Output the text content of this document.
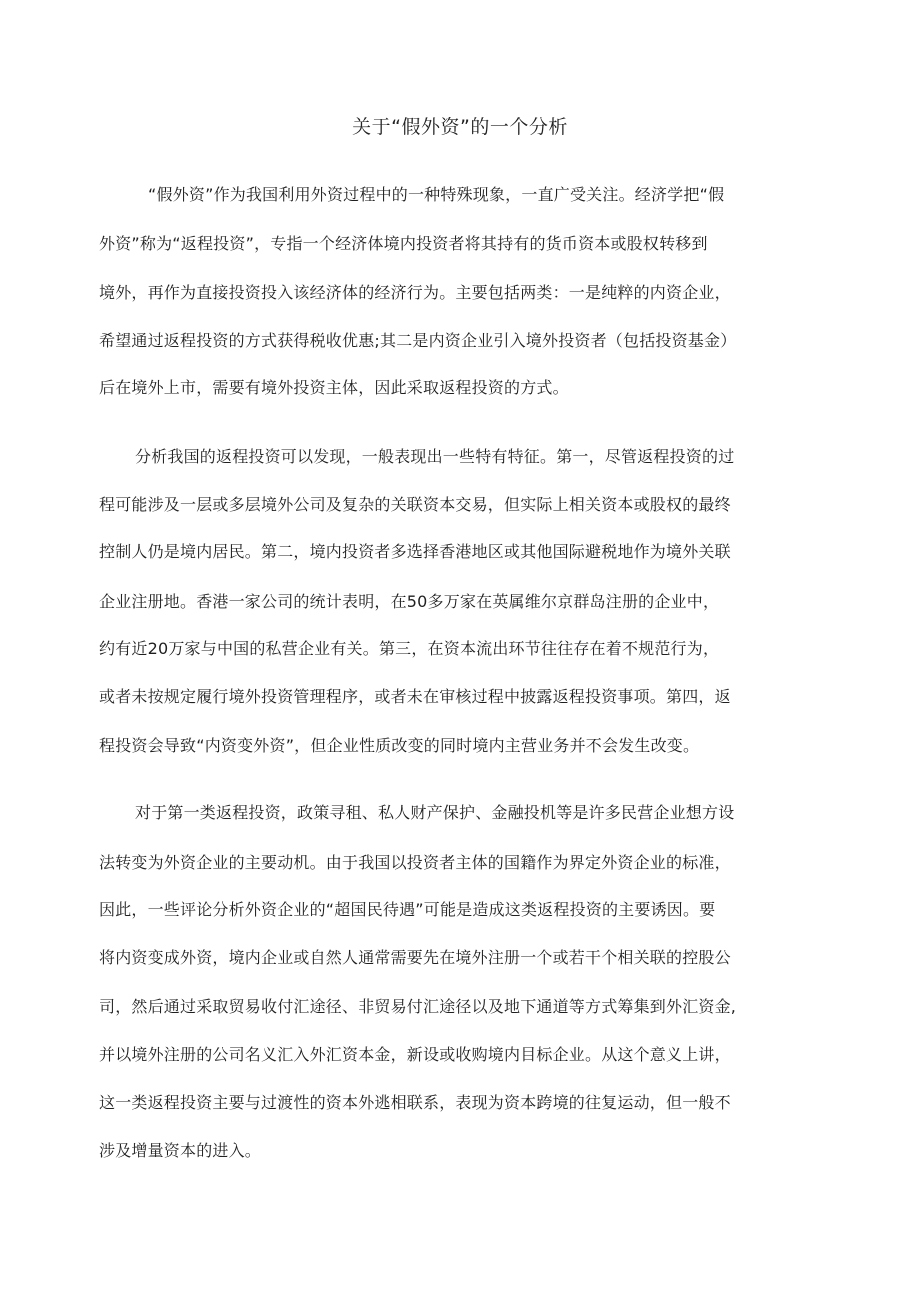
关于“假外资”的一个分析
“假外资”作为我国利用外资过程中的一种特殊现象，一直广受关注。经济学把“假
外资”称为“返程投资”，专指一个经济体境内投资者将其持有的货币资本或股权转移到
境外，再作为直接投资投入该经济体的经济行为。主要包括两类：一是纯粹的内资企业，
希望通过返程投资的方式获得税收优惠;其二是内资企业引入境外投资者（包括投资基金）
后在境外上市，需要有境外投资主体，因此采取返程投资的方式。
分析我国的返程投资可以发现，一般表现出一些特有特征。第一，尽管返程投资的过
程可能涉及一层或多层境外公司及复杂的关联资本交易，但实际上相关资本或股权的最终
控制人仍是境内居民。第二，境内投资者多选择香港地区或其他国际避税地作为境外关联
企业注册地。香港一家公司的统计表明，在50多万家在英属维尔京群岛注册的企业中，
约有近20万家与中国的私营企业有关。第三，在资本流出环节往往存在着不规范行为，
或者未按规定履行境外投资管理程序，或者未在审核过程中披露返程投资事项。第四，返
程投资会导致“内资变外资”，但企业性质改变的同时境内主营业务并不会发生改变。
对于第一类返程投资，政策寻租、私人财产保护、金融投机等是许多民营企业想方设
法转变为外资企业的主要动机。由于我国以投资者主体的国籍作为界定外资企业的标准，
因此，一些评论分析外资企业的“超国民待遇”可能是造成这类返程投资的主要诱因。要
将内资变成外资，境内企业或自然人通常需要先在境外注册一个或若干个相关联的控股公
司，然后通过采取贸易收付汇途径、非贸易付汇途径以及地下通道等方式筹集到外汇资金,
并以境外注册的公司名义汇入外汇资本金，新设或收购境内目标企业。从这个意义上讲，
这一类返程投资主要与过渡性的资本外逃相联系，表现为资本跨境的往复运动，但一般不
涉及增量资本的进入。
